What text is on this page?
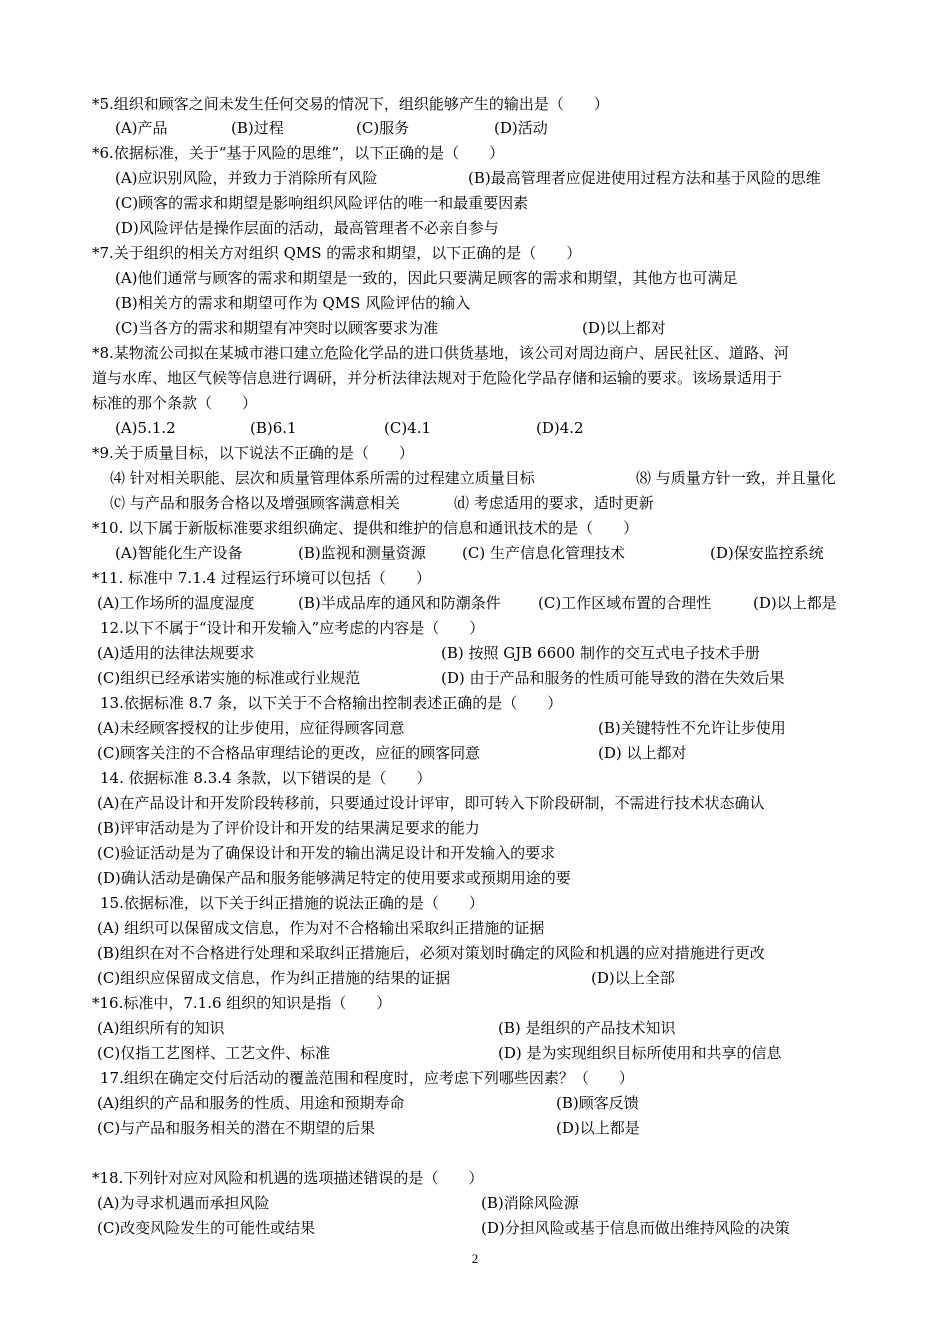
*5.组织和顾客之间未发生任何交易的情况下，组织能够产生的输出是（　　）
(A)产品	(B)过程	(C)服务	(D)活动
*6.依据标准，关于“基于风险的思维”，以下正确的是（　　）
(A)应识别风险，并致力于消除所有风险	(B)最高管理者应促进使用过程方法和基于风险的思维
(C)顾客的需求和期望是影响组织风险评估的唯一和最重要因素
(D)风险评估是操作层面的活动，最高管理者不必亲自参与
*7.关于组织的相关方对组织 QMS 的需求和期望，以下正确的是（　　）
(A)他们通常与顾客的需求和期望是一致的，因此只要满足顾客的需求和期望，其他方也可满足
(B)相关方的需求和期望可作为 QMS 风险评估的输入
(C)当各方的需求和期望有冲突时以顾客要求为准	(D)以上都对
*8.某物流公司拟在某城市港口建立危险化学品的进口供货基地，该公司对周边商户、居民社区、道路、河
道与水库、地区气候等信息进行调研，并分析法律法规对于危险化学品存储和运输的要求。该场景适用于
标准的那个条款（　　）
(A)5.1.2	(B)6.1	(C)4.1	(D)4.2
*9.关于质量目标，以下说法不正确的是（　　）
⑷ 针对相关职能、层次和质量管理体系所需的过程建立质量目标	⑻ 与质量方针一致，并且量化
⒞ 与产品和服务合格以及增强顾客满意相关	⒟ 考虑适用的要求，适时更新
*10. 以下属于新版标准要求组织确定、提供和维护的信息和通讯技术的是（　　）
(A)智能化生产设备	(B)监视和测量资源 (C) 生产信息化管理技术	(D)保安监控系统
*11. 标准中 7.1.4 过程运行环境可以包括（　　）
(A)工作场所的温度湿度	(B)半成品库的通风和防潮条件 (C)工作区域布置的合理性	(D)以上都是
12.以下不属于“设计和开发输入”应考虑的内容是（　　）
(A)适用的法律法规要求	(B) 按照 GJB 6600 制作的交互式电子技术手册
(C)组织已经承诺实施的标准或行业规范	(D) 由于产品和服务的性质可能导致的潜在失效后果
13.依据标准 8.7 条，以下关于不合格输出控制表述正确的是（　　）
(A)未经顾客授权的让步使用，应征得顾客同意	(B)关键特性不允许让步使用
(C)顾客关注的不合格品审理结论的更改，应征的顾客同意	(D) 以上都对
14. 依据标准 8.3.4 条款，以下错误的是（　　）
(A)在产品设计和开发阶段转移前，只要通过设计评审，即可转入下阶段研制，不需进行技术状态确认
(B)评审活动是为了评价设计和开发的结果满足要求的能力
(C)验证活动是为了确保设计和开发的输出满足设计和开发输入的要求
(D)确认活动是确保产品和服务能够满足特定的使用要求或预期用途的要
15.依据标准，以下关于纠正措施的说法正确的是（　　）
(A) 组织可以保留成文信息，作为对不合格输出采取纠正措施的证据
(B)组织在对不合格进行处理和采取纠正措施后，必须对策划时确定的风险和机遇的应对措施进行更改
(C)组织应保留成文信息，作为纠正措施的结果的证据	(D)以上全部
*16.标准中，7.1.6 组织的知识是指（　　）
(A)组织所有的知识	(B) 是组织的产品技术知识
(C)仅指工艺图样、工艺文件、标准	(D) 是为实现组织目标所使用和共享的信息
17.组织在确定交付后活动的覆盖范围和程度时，应考虑下列哪些因素？（　　）
(A)组织的产品和服务的性质、用途和预期寿命	(B)顾客反馈
(C)与产品和服务相关的潜在不期望的后果	(D)以上都是
*18.下列针对应对风险和机遇的选项描述错误的是（　　）
(A)为寻求机遇而承担风险	(B)消除风险源
(C)改变风险发生的可能性或结果	(D)分担风险或基于信息而做出维持风险的决策
2
